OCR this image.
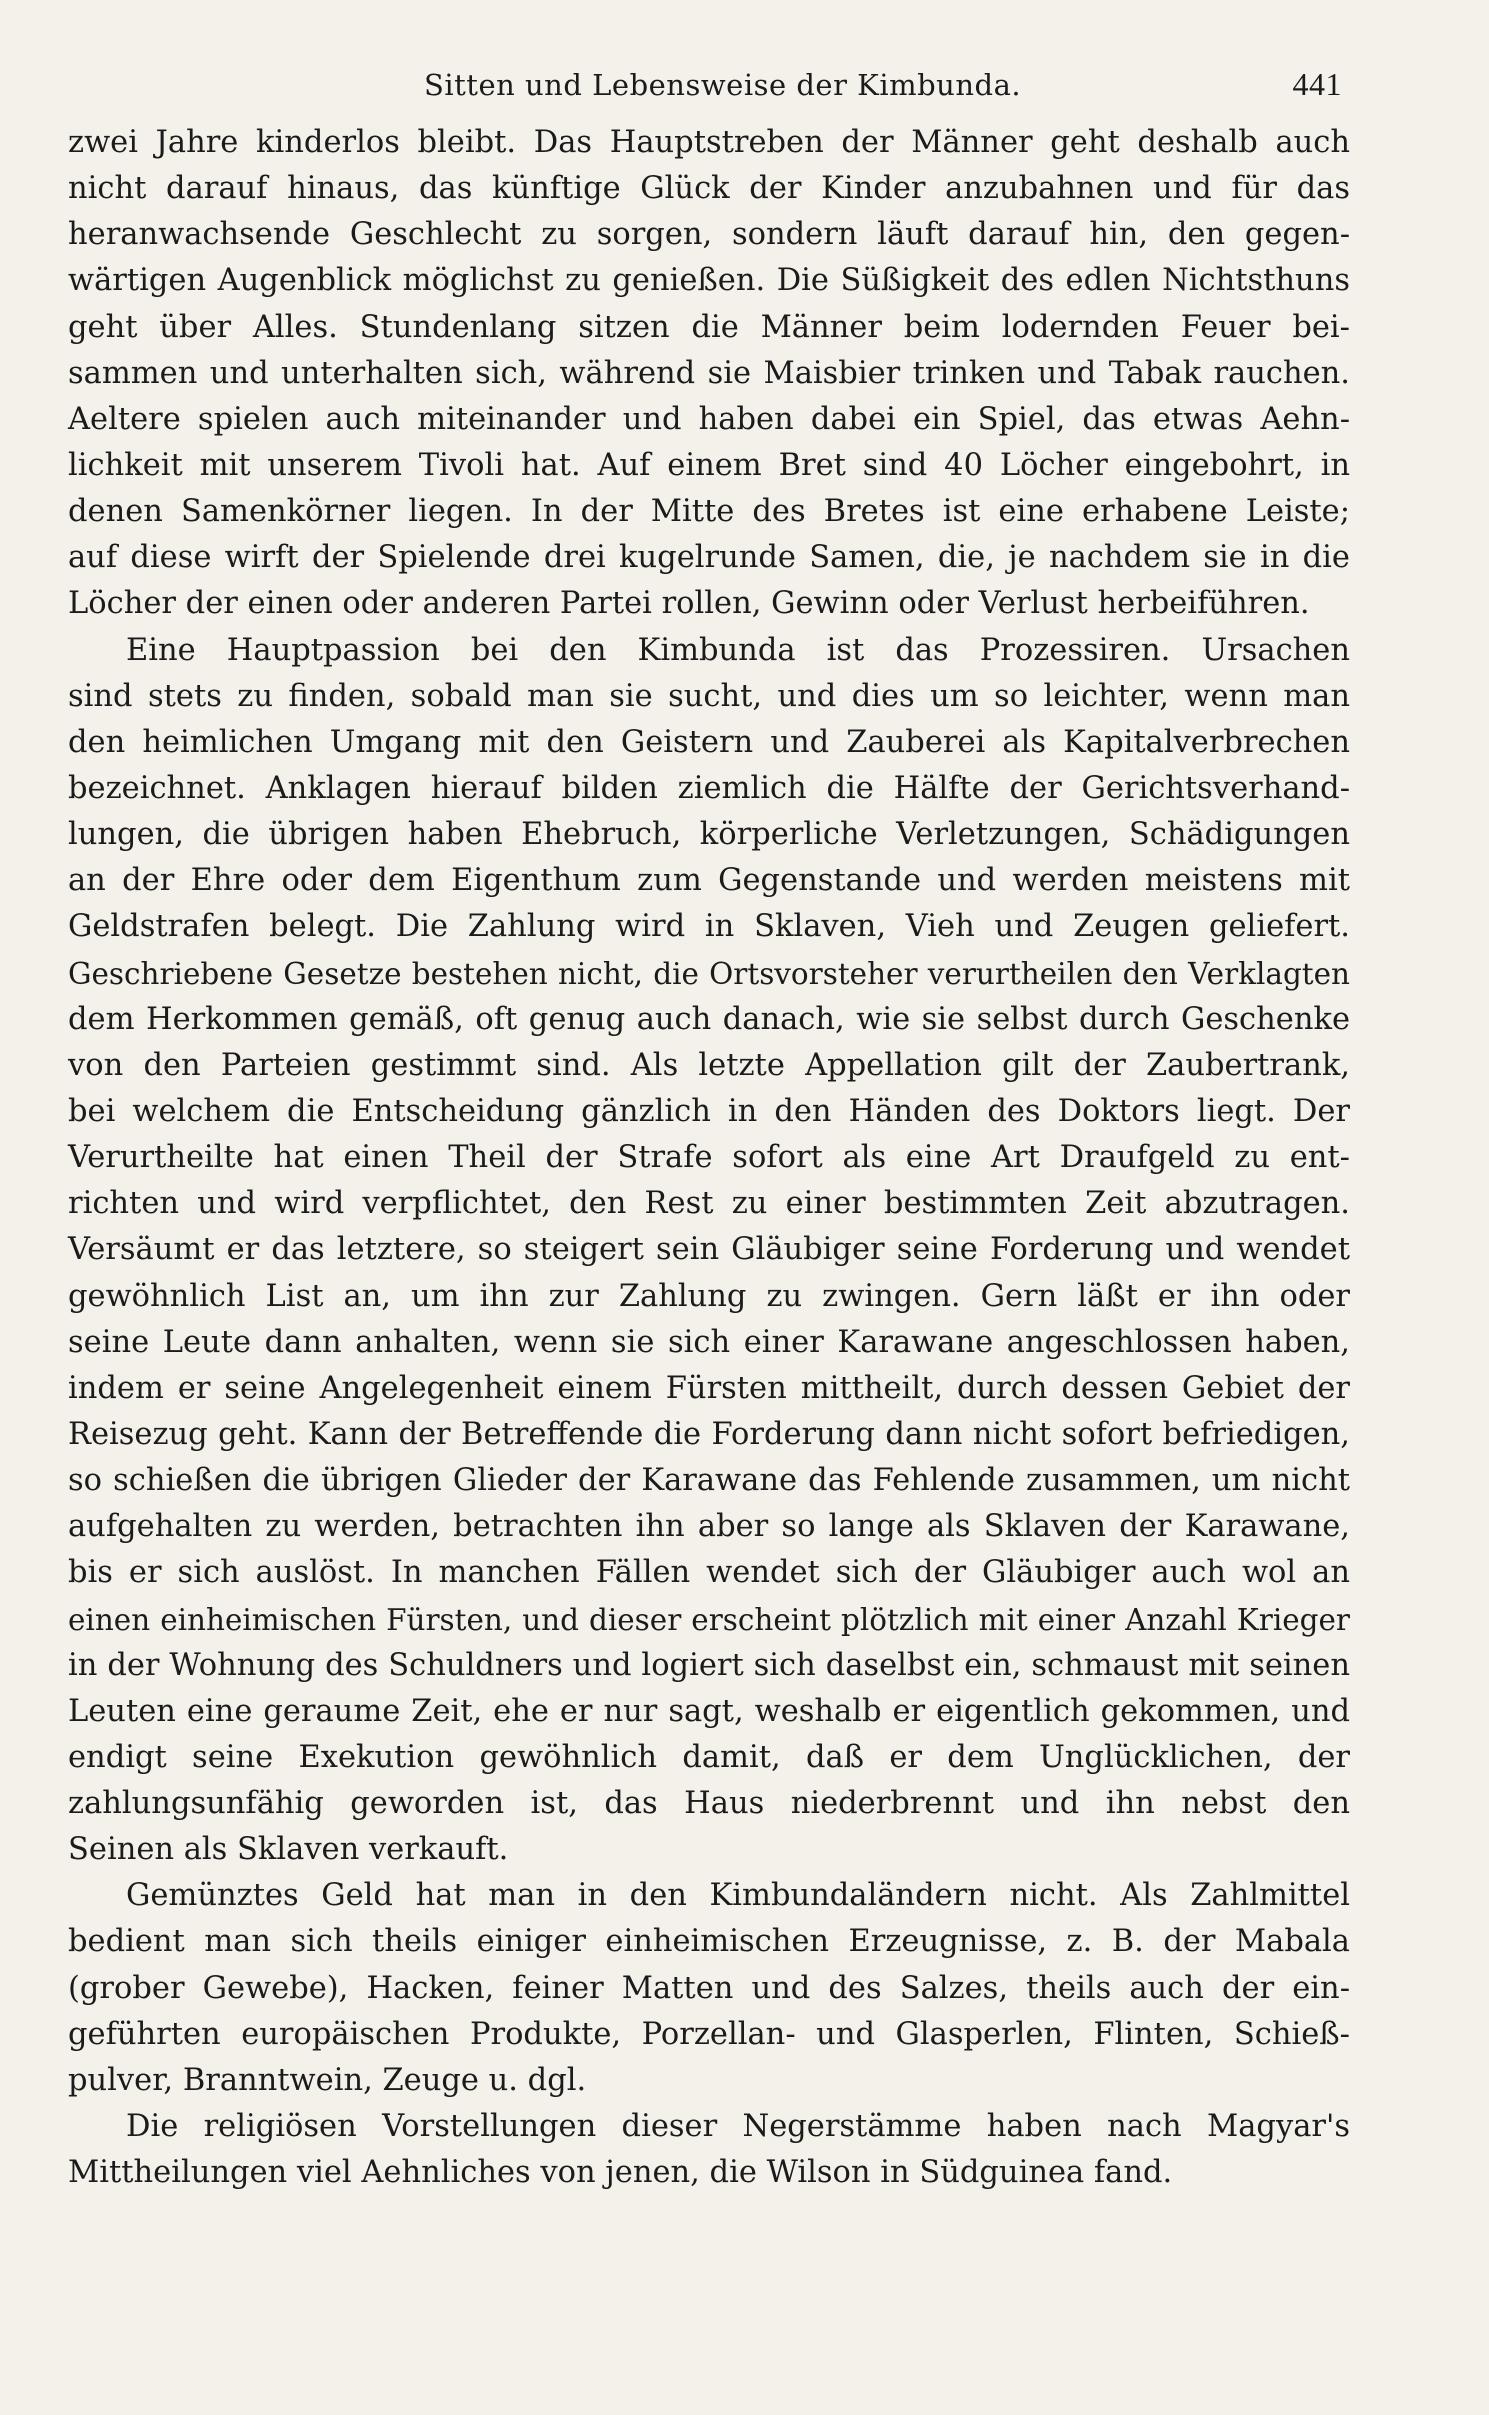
Sitten und Lebensweise der Kimbunda.	441
zwei Jahre kinderlos bleibt. Das Hauptstreben der Männer geht deshalb auch
nicht darauf hinaus, das künftige Glück der Kinder anzubahnen und für das
heranwachsende Geschlecht zu sorgen, sondern läuft darauf hin, den gegen-
wärtigen Augenblick möglichst zu genießen. Die Süßigkeit des edlen Nichtsthuns
geht über Alles. Stundenlang sitzen die Männer beim lodernden Feuer bei-
sammen und unterhalten sich, während sie Maisbier trinken und Tabak rauchen.
Aeltere spielen auch miteinander und haben dabei ein Spiel, das etwas Aehn-
lichkeit mit unserem Tivoli hat. Auf einem Bret sind 40 Löcher eingebohrt, in
denen Samenkörner liegen. In der Mitte des Bretes ist eine erhabene Leiste;
auf diese wirft der Spielende drei kugelrunde Samen, die, je nachdem sie in die
Löcher der einen oder anderen Partei rollen, Gewinn oder Verlust herbeiführen.
Eine Hauptpassion bei den Kimbunda ist das Prozessiren. Ursachen
sind stets zu finden, sobald man sie sucht, und dies um so leichter, wenn man
den heimlichen Umgang mit den Geistern und Zauberei als Kapitalverbrechen
bezeichnet. Anklagen hierauf bilden ziemlich die Hälfte der Gerichtsverhand-
lungen, die übrigen haben Ehebruch, körperliche Verletzungen, Schädigungen
an der Ehre oder dem Eigenthum zum Gegenstande und werden meistens mit
Geldstrafen belegt. Die Zahlung wird in Sklaven, Vieh und Zeugen geliefert.
Geschriebene Gesetze bestehen nicht, die Ortsvorsteher verurtheilen den Verklagten
dem Herkommen gemäß, oft genug auch danach, wie sie selbst durch Geschenke
von den Parteien gestimmt sind. Als letzte Appellation gilt der Zaubertrank,
bei welchem die Entscheidung gänzlich in den Händen des Doktors liegt. Der
Verurtheilte hat einen Theil der Strafe sofort als eine Art Draufgeld zu ent-
richten und wird verpflichtet, den Rest zu einer bestimmten Zeit abzutragen.
Versäumt er das letztere, so steigert sein Gläubiger seine Forderung und wendet
gewöhnlich List an, um ihn zur Zahlung zu zwingen. Gern läßt er ihn oder
seine Leute dann anhalten, wenn sie sich einer Karawane angeschlossen haben,
indem er seine Angelegenheit einem Fürsten mittheilt, durch dessen Gebiet der
Reisezug geht. Kann der Betreffende die Forderung dann nicht sofort befriedigen,
so schießen die übrigen Glieder der Karawane das Fehlende zusammen, um nicht
aufgehalten zu werden, betrachten ihn aber so lange als Sklaven der Karawane,
bis er sich auslöst. In manchen Fällen wendet sich der Gläubiger auch wol an
einen einheimischen Fürsten, und dieser erscheint plötzlich mit einer Anzahl Krieger
in der Wohnung des Schuldners und logiert sich daselbst ein, schmaust mit seinen
Leuten eine geraume Zeit, ehe er nur sagt, weshalb er eigentlich gekommen, und
endigt seine Exekution gewöhnlich damit, daß er dem Unglücklichen, der
zahlungsunfähig geworden ist, das Haus niederbrennt und ihn nebst den
Seinen als Sklaven verkauft.
Gemünztes Geld hat man in den Kimbundaländern nicht. Als Zahlmittel
bedient man sich theils einiger einheimischen Erzeugnisse, z. B. der Mabala
(grober Gewebe), Hacken, feiner Matten und des Salzes, theils auch der ein-
geführten europäischen Produkte, Porzellan- und Glasperlen, Flinten, Schieß-
pulver, Branntwein, Zeuge u. dgl.
Die religiösen Vorstellungen dieser Negerstämme haben nach Magyar's
Mittheilungen viel Aehnliches von jenen, die Wilson in Südguinea fand.
